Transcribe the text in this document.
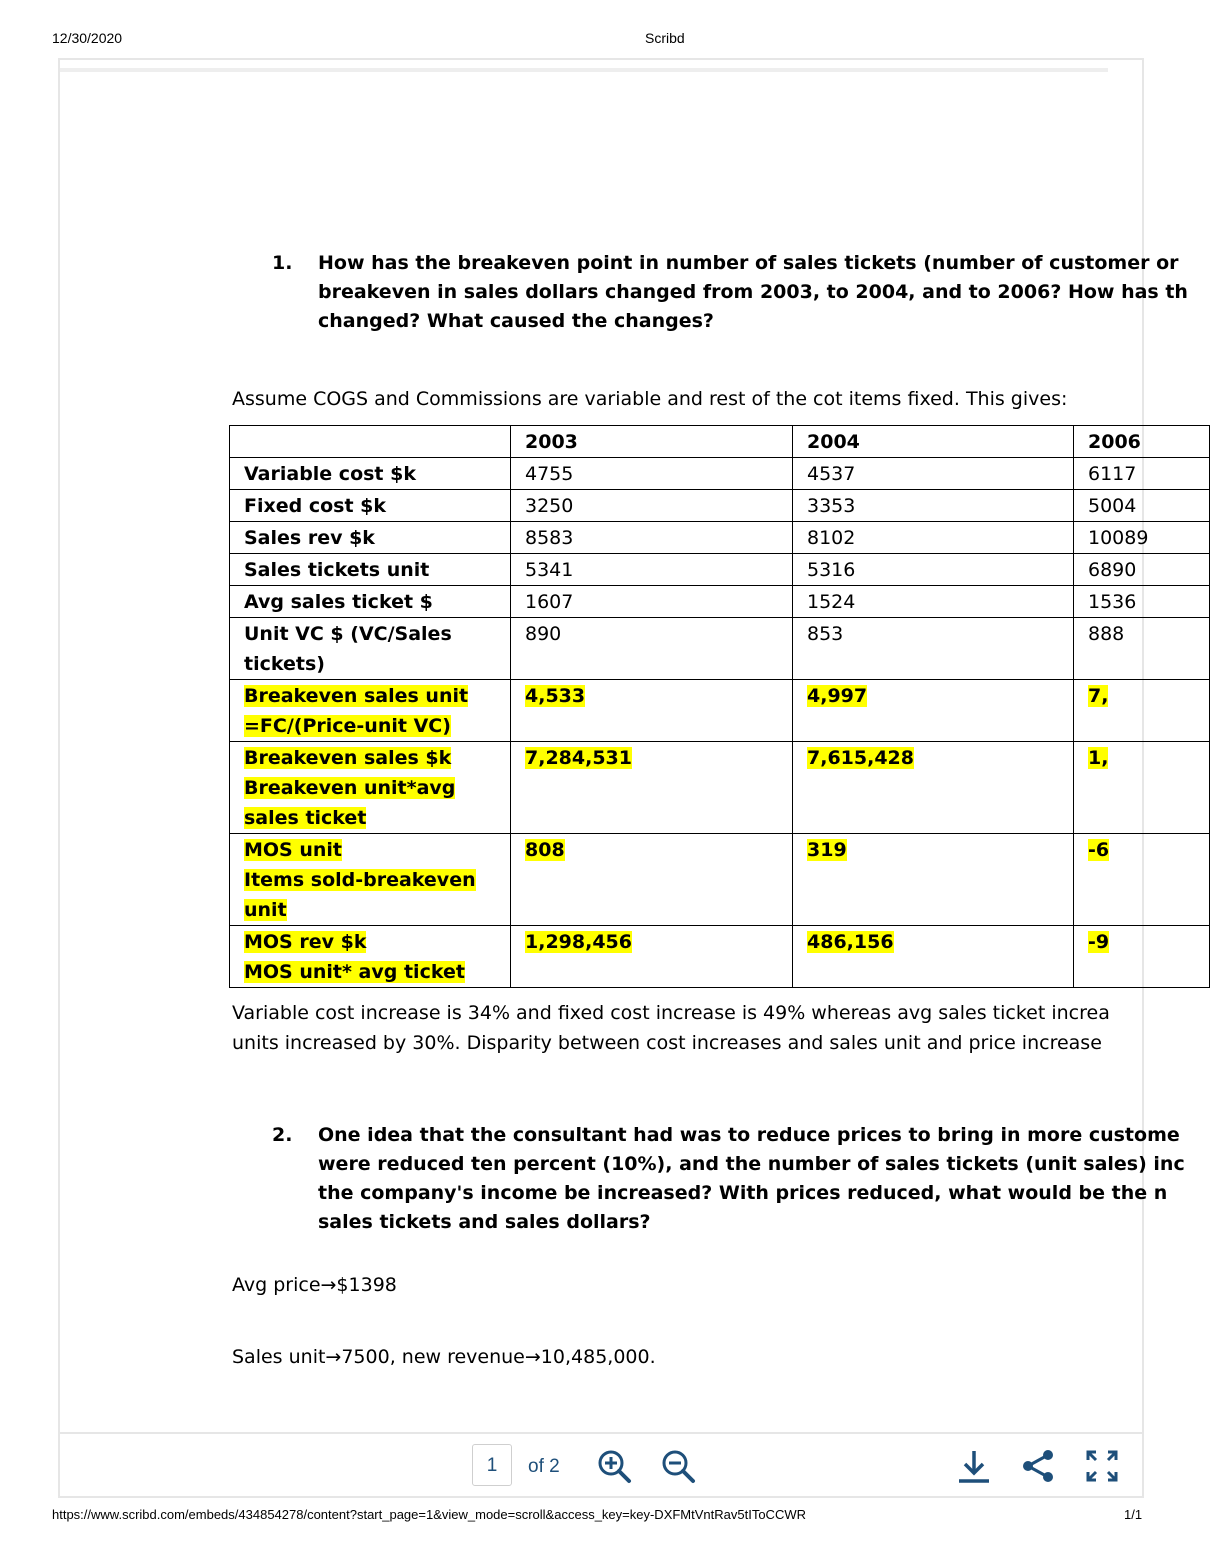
12/30/2020	Scribd
1. How has the breakeven point in number of sales tickets (number of customer or
breakeven in sales dollars changed from 2003, to 2004, and to 2006? How has th
changed? What caused the changes?
Assume COGS and Commissions are variable and rest of the cot items fixed. This gives:
	2003	2004	2006
Variable cost $k	4755	4537	6117
Fixed cost $k	3250	3353	5004
Sales rev $k	8583	8102	10089
Sales tickets unit	5341	5316	6890
Avg sales ticket $	1607	1524	1536
Unit VC $ (VC/Sales tickets)	890	853	888
Breakeven sales unit
=FC/(Price-unit VC)	4,533	4,997	7,
Breakeven sales $k
Breakeven unit*avg sales ticket	7,284,531	7,615,428	1,
MOS unit
Items sold-breakeven unit	808	319	-6
MOS rev $k
MOS unit* avg ticket	1,298,456	486,156	-9
Variable cost increase is 34% and fixed cost increase is 49% whereas avg sales ticket increa
units increased by 30%. Disparity between cost increases and sales unit and price increase
2. One idea that the consultant had was to reduce prices to bring in more custome
were reduced ten percent (10%), and the number of sales tickets (unit sales) inc
the company's income be increased? With prices reduced, what would be the n
sales tickets and sales dollars?
Avg price→$1398
Sales unit→7500, new revenue→10,485,000.
1	of 2
https://www.scribd.com/embeds/434854278/content?start_page=1&view_mode=scroll&access_key=key-DXFMtVntRav5tIToCCWR	1/1
